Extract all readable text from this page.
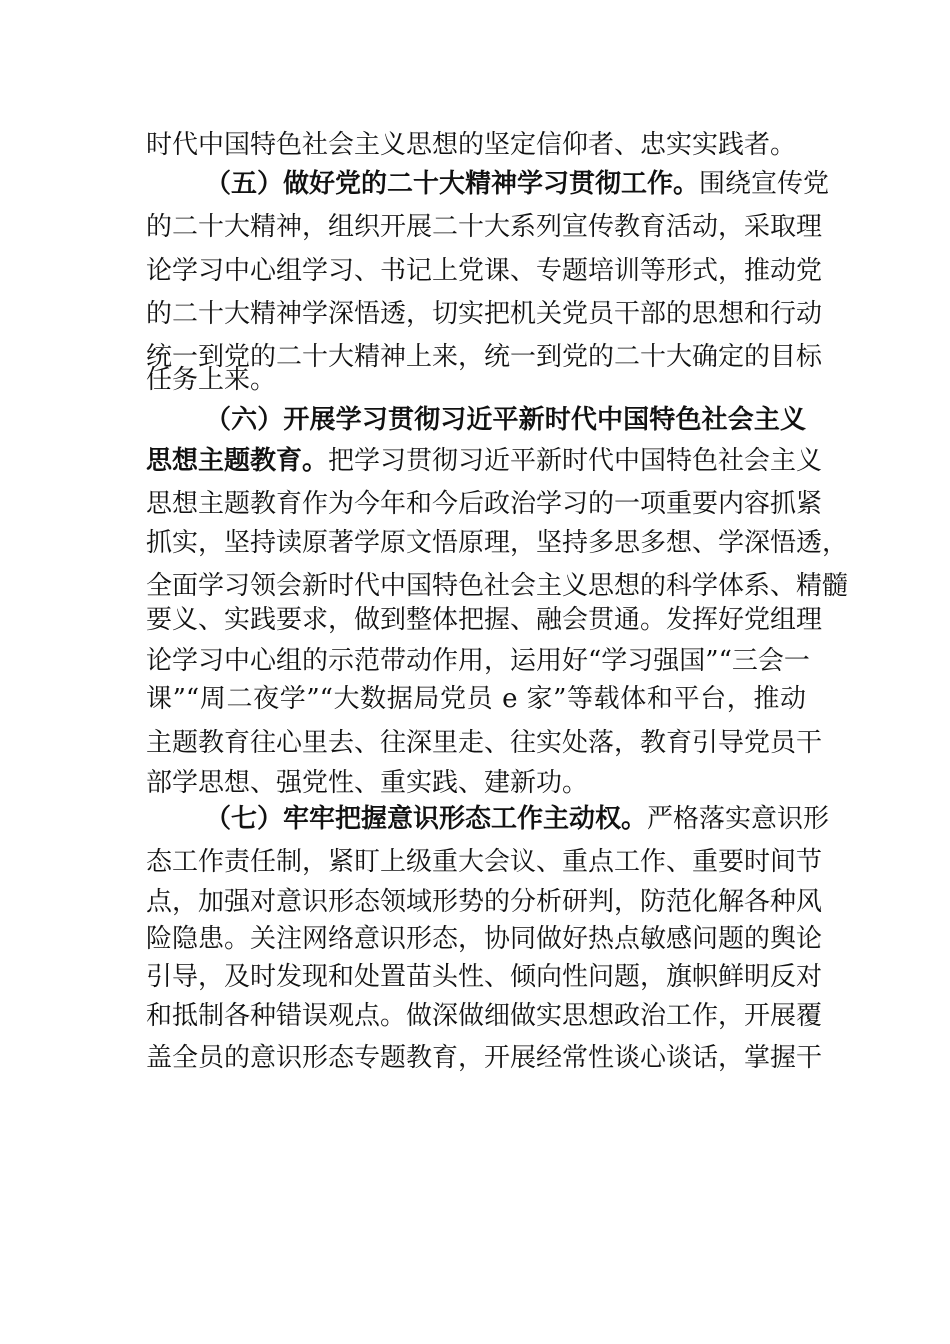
时代中国特色社会主义思想的坚定信仰者、忠实实践者。
（五）做好党的二十大精神学习贯彻工作。围绕宣传党
的二十大精神，组织开展二十大系列宣传教育活动，采取理
论学习中心组学习、书记上党课、专题培训等形式，推动党
的二十大精神学深悟透，切实把机关党员干部的思想和行动
统一到党的二十大精神上来，统一到党的二十大确定的目标
任务上来。
（六）开展学习贯彻习近平新时代中国特色社会主义
思想主题教育。把学习贯彻习近平新时代中国特色社会主义
思想主题教育作为今年和今后政治学习的一项重要内容抓紧
抓实，坚持读原著学原文悟原理，坚持多思多想、学深悟透，
全面学习领会新时代中国特色社会主义思想的科学体系、精髓
要义、实践要求，做到整体把握、融会贯通。发挥好党组理
论学习中心组的示范带动作用，运用好“学习强国”“三会一
课”“周二夜学”“大数据局党员 e 家”等载体和平台，推动
主题教育往心里去、往深里走、往实处落，教育引导党员干
部学思想、强党性、重实践、建新功。
（七）牢牢把握意识形态工作主动权。严格落实意识形
态工作责任制，紧盯上级重大会议、重点工作、重要时间节
点，加强对意识形态领域形势的分析研判，防范化解各种风
险隐患。关注网络意识形态，协同做好热点敏感问题的舆论
引导，及时发现和处置苗头性、倾向性问题，旗帜鲜明反对
和抵制各种错误观点。做深做细做实思想政治工作，开展覆
盖全员的意识形态专题教育，开展经常性谈心谈话，掌握干
